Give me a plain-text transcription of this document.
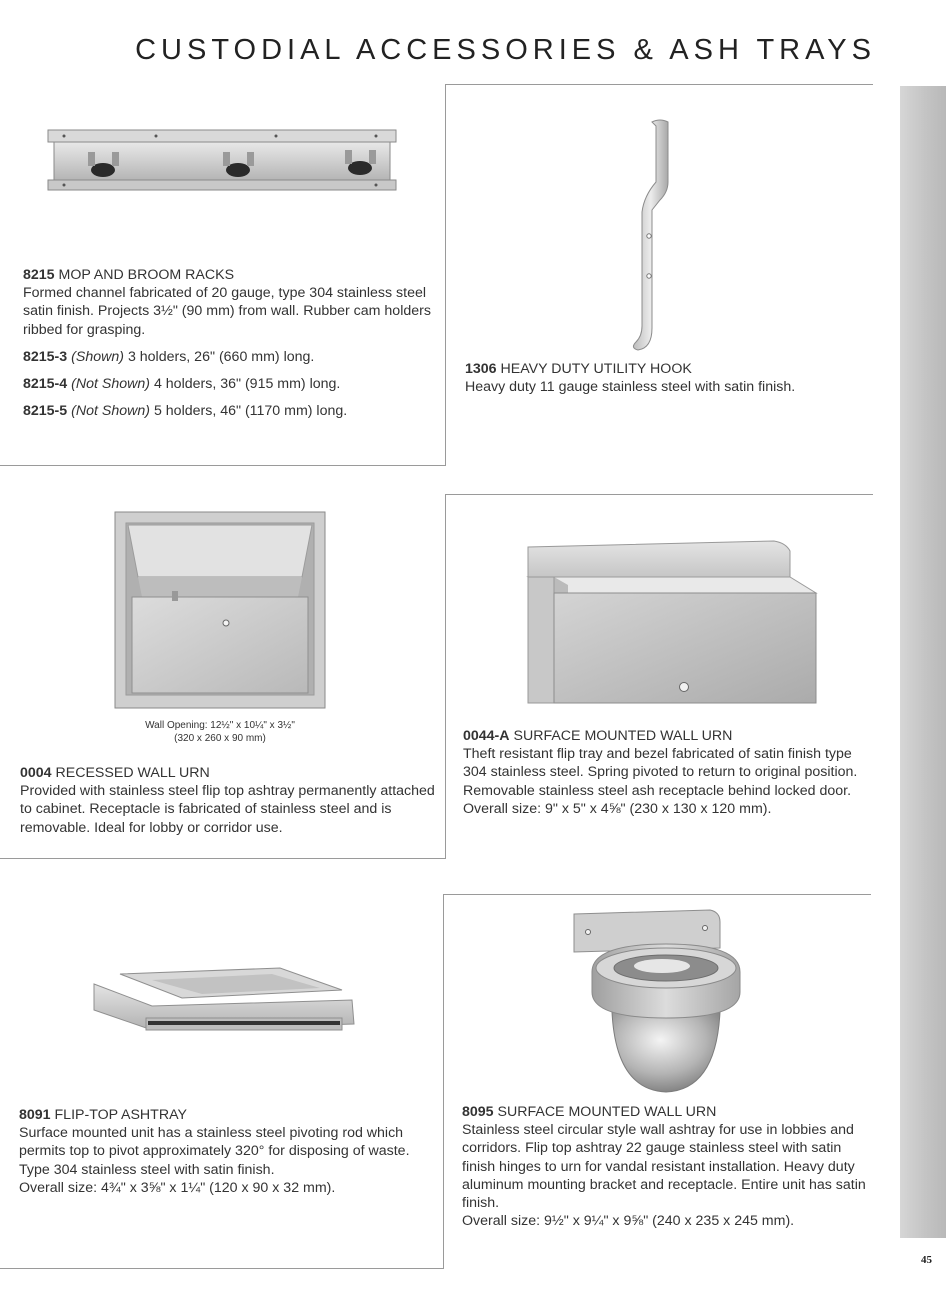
CUSTODIAL ACCESSORIES & ASH TRAYS
45

8215 MOP AND BROOM RACKS

Formed channel fabricated of 20 gauge, type 304 stainless steel satin finish. Projects 3½" (90 mm) from wall. Rubber cam holders ribbed for grasping.

8215-3 (Shown) 3 holders, 26" (660 mm) long.

8215-4 (Not Shown) 4 holders, 36" (915 mm) long.

8215-5 (Not Shown) 5 holders, 46" (1170 mm) long.

1306 HEAVY DUTY UTILITY HOOK

Heavy duty 11 gauge stainless steel with satin finish.

Wall Opening: 12½" x 10¼" x 3½"
(320 x 260 x 90 mm)

0004 RECESSED WALL URN

Provided with stainless steel flip top ashtray permanently attached to cabinet. Receptacle is fabricated of stainless steel and is removable. Ideal for lobby or corridor use.

0044-A SURFACE MOUNTED WALL URN

Theft resistant flip tray and bezel fabricated of satin finish type 304 stainless steel. Spring pivoted to return to original position. Removable stainless steel ash receptacle behind locked door.

Overall size: 9" x 5" x 4⅝" (230 x 130 x 120 mm).

8091 FLIP-TOP ASHTRAY

Surface mounted unit has a stainless steel pivoting rod which permits top to pivot approximately 320° for disposing of waste. Type 304 stainless steel with satin finish.

Overall size: 4¾" x 3⅝" x 1¼" (120 x 90 x 32 mm).

8095 SURFACE MOUNTED WALL URN

Stainless steel circular style wall ashtray for use in lobbies and corridors. Flip top ashtray 22 gauge stainless steel with satin finish hinges to urn for vandal resistant installation. Heavy duty aluminum mounting bracket and receptacle. Entire unit has satin finish.

Overall size: 9½" x 9¼" x 9⅝" (240 x 235 x 245 mm).
